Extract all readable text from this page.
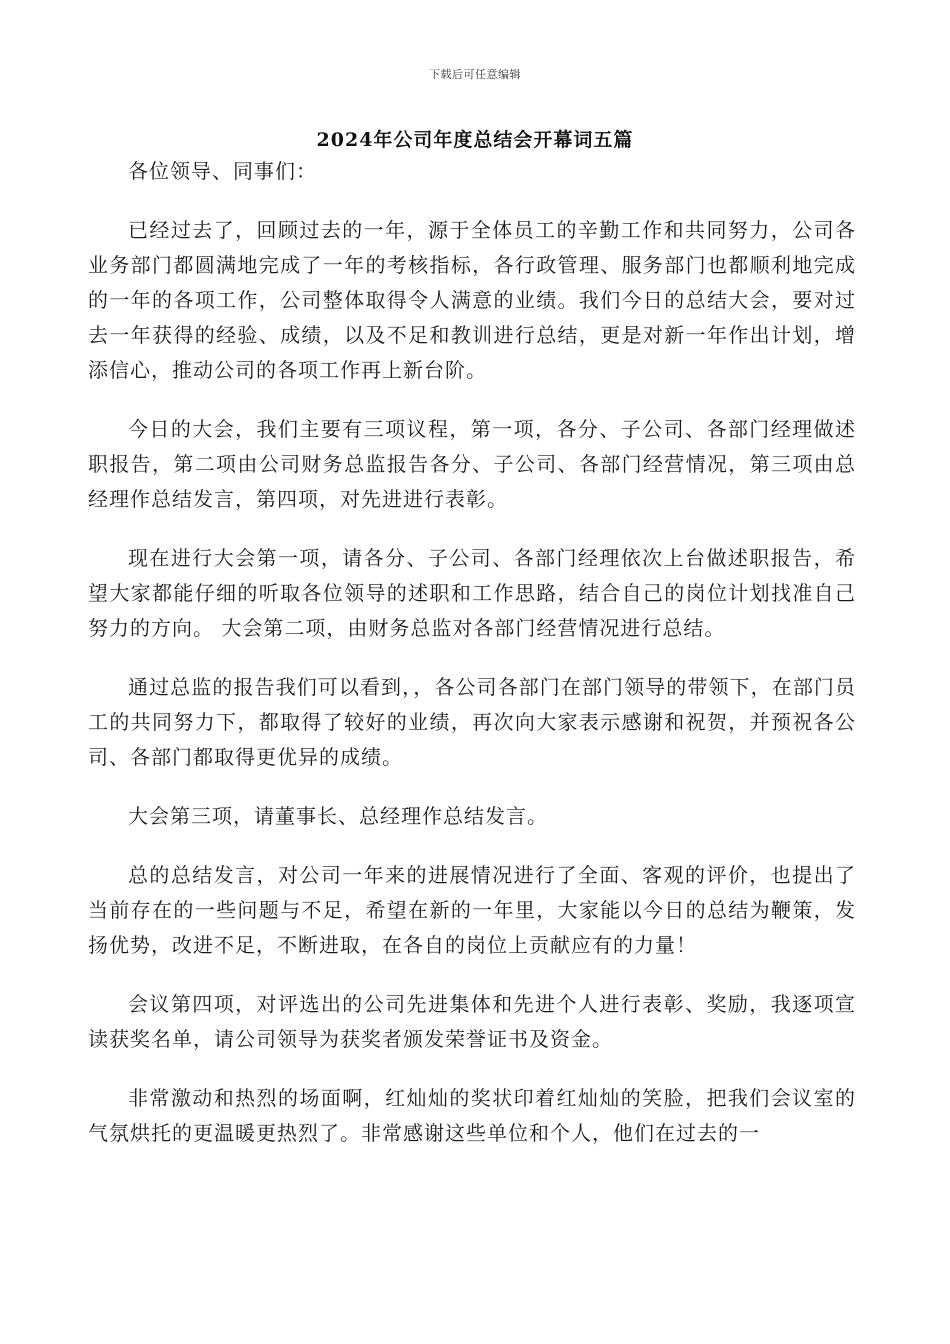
下载后可任意编辑
2024年公司年度总结会开幕词五篇

各位领导、同事们：

已经过去了，回顾过去的一年，源于全体员工的辛勤工作和共同努力，公司各业务部门都圆满地完成了一年的考核指标，各行政管理、服务部门也都顺利地完成的一年的各项工作，公司整体取得令人满意的业绩。我们今日的总结大会，要对过去一年获得的经验、成绩，以及不足和教训进行总结，更是对新一年作出计划，增添信心，推动公司的各项工作再上新台阶。

今日的大会，我们主要有三项议程，第一项，各分、子公司、各部门经理做述职报告，第二项由公司财务总监报告各分、子公司、各部门经营情况，第三项由总经理作总结发言，第四项，对先进进行表彰。

现在进行大会第一项，请各分、子公司、各部门经理依次上台做述职报告，希望大家都能仔细的听取各位领导的述职和工作思路，结合自己的岗位计划找准自己努力的方向。 大会第二项，由财务总监对各部门经营情况进行总结。

通过总监的报告我们可以看到，，各公司各部门在部门领导的带领下，在部门员工的共同努力下，都取得了较好的业绩，再次向大家表示感谢和祝贺，并预祝各公司、各部门都取得更优异的成绩。

大会第三项，请董事长、总经理作总结发言。

总的总结发言，对公司一年来的进展情况进行了全面、客观的评价，也提出了当前存在的一些问题与不足，希望在新的一年里，大家能以今日的总结为鞭策，发扬优势，改进不足，不断进取，在各自的岗位上贡献应有的力量！

会议第四项，对评选出的公司先进集体和先进个人进行表彰、奖励，我逐项宣读获奖名单，请公司领导为获奖者颁发荣誉证书及资金。

非常激动和热烈的场面啊，红灿灿的奖状印着红灿灿的笑脸，把我们会议室的气氛烘托的更温暖更热烈了。非常感谢这些单位和个人，他们在过去的一
